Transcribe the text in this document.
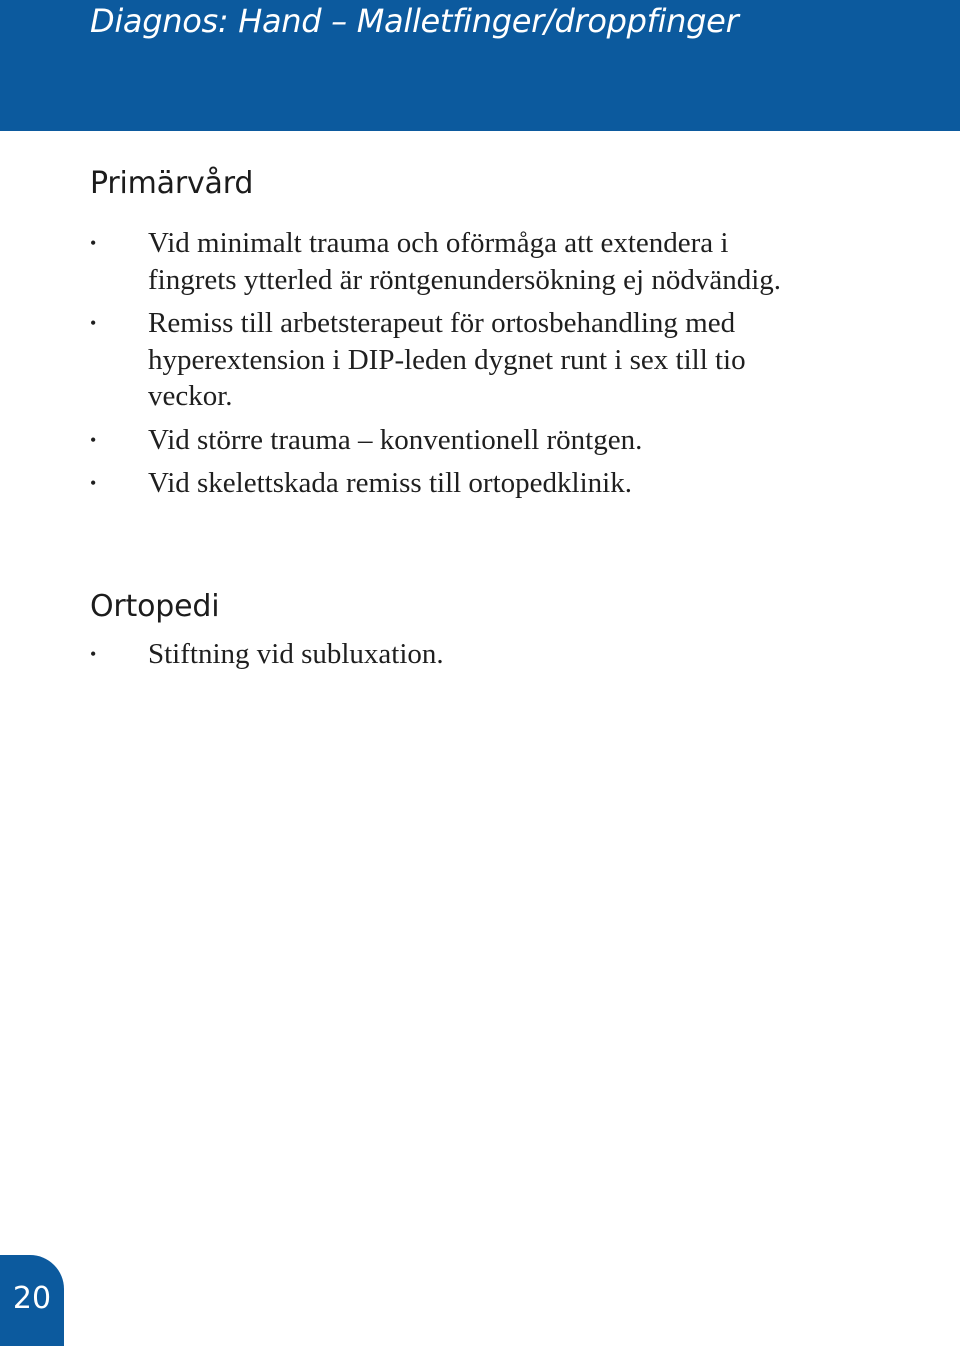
Diagnos: Hand – Malletfinger/droppfinger
Primärvård
• Vid minimalt trauma och oförmåga att extendera i fingrets ytterled är röntgenundersökning ej nödvändig.
• Remiss till arbetsterapeut för ortosbehandling med hyperextension i DIP-leden dygnet runt i sex till tio veckor.
• Vid större trauma – konventionell röntgen.
• Vid skelettskada remiss till ortopedklinik.
Ortopedi
• Stiftning vid subluxation.
20
